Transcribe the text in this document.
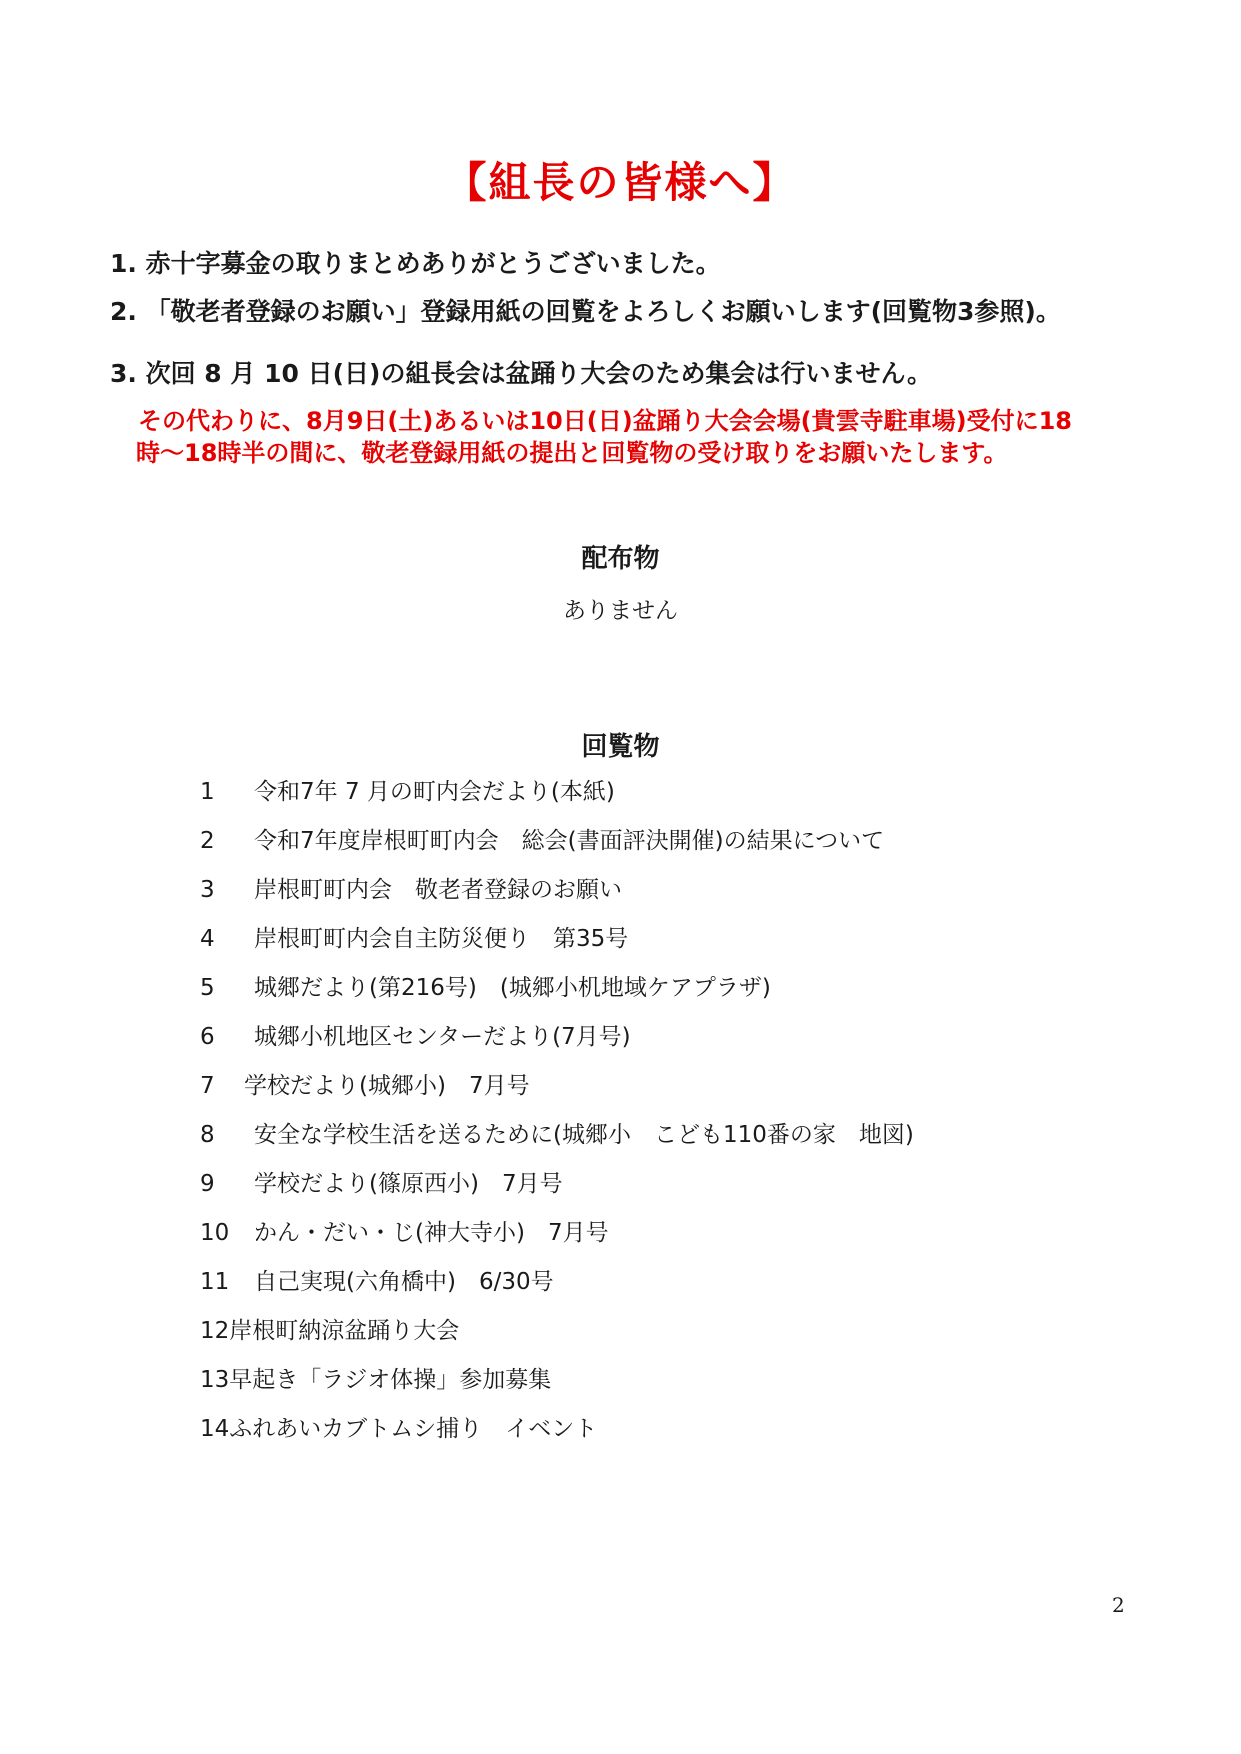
【組長の皆様へ】
1. 赤十字募金の取りまとめありがとうございました。
2. 「敬老者登録のお願い」登録用紙の回覧をよろしくお願いします(回覧物3参照)。
3. 次回 8 月 10 日(日)の組長会は盆踊り大会のため集会は行いません。
その代わりに、8月9日(土)あるいは10日(日)盆踊り大会会場(貴雲寺駐車場)受付に18
時〜18時半の間に、敬老登録用紙の提出と回覧物の受け取りをお願いたします。
配布物
ありません
回覧物
1	令和7年 7 月の町内会だより(本紙)
2	令和7年度岸根町町内会　総会(書面評決開催)の結果について
3	岸根町町内会　敬老者登録のお願い
4	岸根町町内会自主防災便り　第35号
5	城郷だより(第216号)　(城郷小机地域ケアプラザ)
6	城郷小机地区センターだより(7月号)
7	学校だより(城郷小)　7月号
8	安全な学校生活を送るために(城郷小　こども110番の家　地図)
9	学校だより(篠原西小)　7月号
10	かん・だい・じ(神大寺小)　7月号
11	自己実現(六角橋中)　6/30号
12 岸根町納涼盆踊り大会
13 早起き「ラジオ体操」参加募集
14 ふれあいカブトムシ捕り　イベント
2
